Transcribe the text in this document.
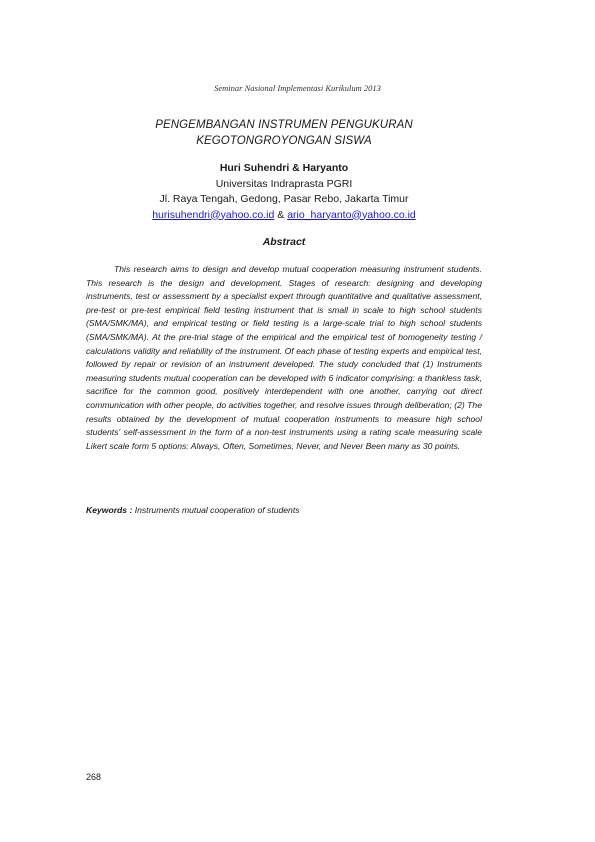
Seminar Nasional Implementasi Kurikulum 2013
PENGEMBANGAN INSTRUMEN PENGUKURAN
KEGOTONGROYONGAN SISWA
Huri Suhendri & Haryanto
Universitas Indraprasta PGRI
Jl. Raya Tengah, Gedong, Pasar Rebo, Jakarta Timur
hurisuhendri@yahoo.co.id & ario_haryanto@yahoo.co.id
Abstract
This research aims to design and develop mutual cooperation measuring instrument students. This research is the design and development. Stages of research: designing and developing instruments, test or assessment by a specialist expert through quantitative and qualitative assessment, pre-test or pre-test empirical field testing instrument that is small in scale to high school students (SMA/SMK/MA), and empirical testing or field testing is a large-scale trial to high school students (SMA/SMK/MA). At the pre-trial stage of the empirical and the empirical test of homogeneity testing / calculations validity and reliability of the instrument. Of each phase of testing experts and empirical test, followed by repair or revision of an instrument developed. The study concluded that (1) Instruments measuring students mutual cooperation can be developed with 6 indicator comprising: a thankless task, sacrifice for the common good, positively interdependent with one another, carrying out direct communication with other people, do activities together, and resolve issues through deliberation; (2) The results obtained by the development of mutual cooperation instruments to measure high school students' self-assessment in the form of a non-test instruments using a rating scale measuring scale Likert scale form 5 options: Always, Often, Sometimes, Never, and Never Been many as 30 points.
Keywords : Instruments mutual cooperation of students
268
